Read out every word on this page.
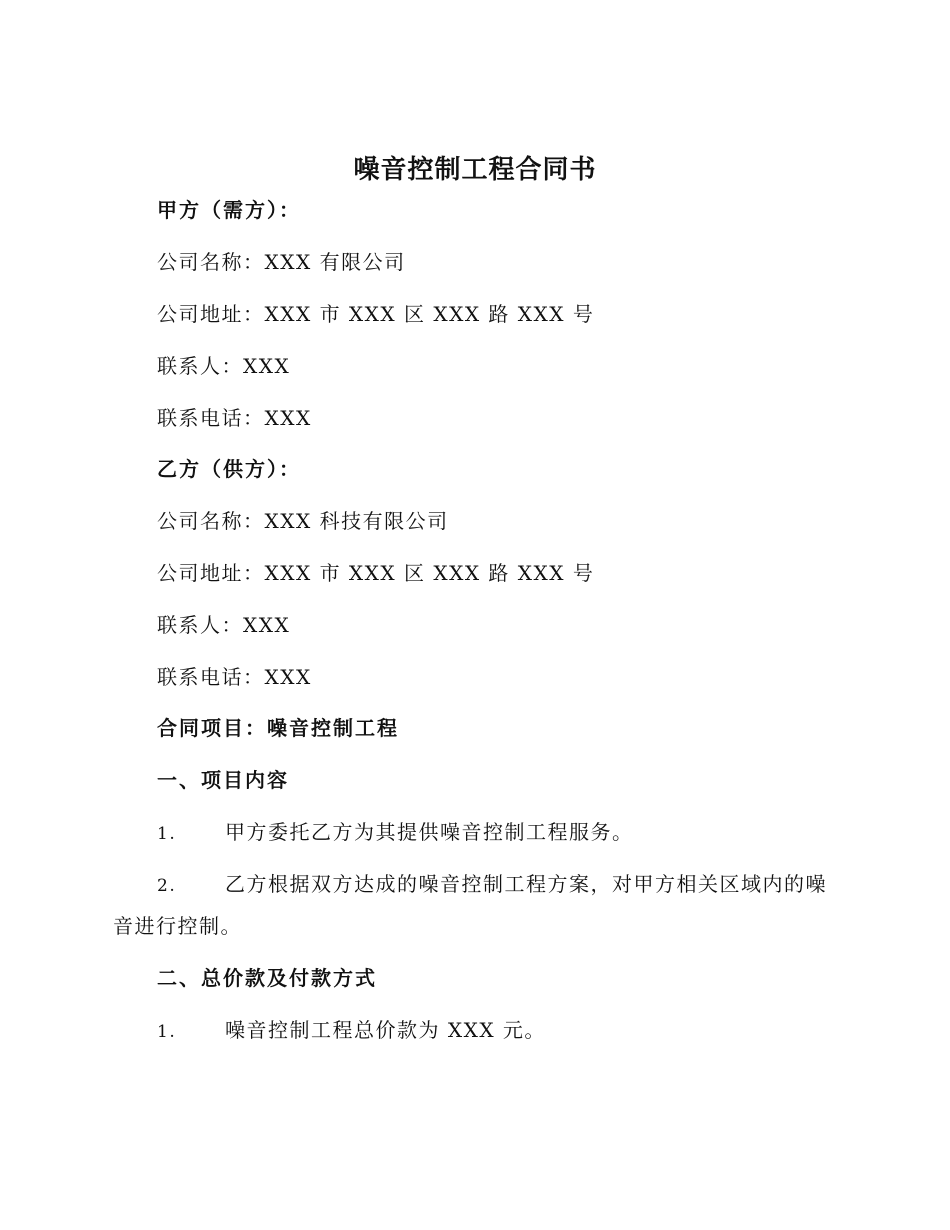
噪音控制工程合同书

甲方（需方）：

公司名称：XXX 有限公司

公司地址：XXX 市 XXX 区 XXX 路 XXX 号

联系人：XXX

联系电话：XXX

乙方（供方）：

公司名称：XXX 科技有限公司

公司地址：XXX 市 XXX 区 XXX 路 XXX 号

联系人：XXX

联系电话：XXX

合同项目：噪音控制工程

一、项目内容

1. 甲方委托乙方为其提供噪音控制工程服务。

2. 乙方根据双方达成的噪音控制工程方案，对甲方相关区域内的噪

音进行控制。

二、总价款及付款方式

1. 噪音控制工程总价款为 XXX 元。
